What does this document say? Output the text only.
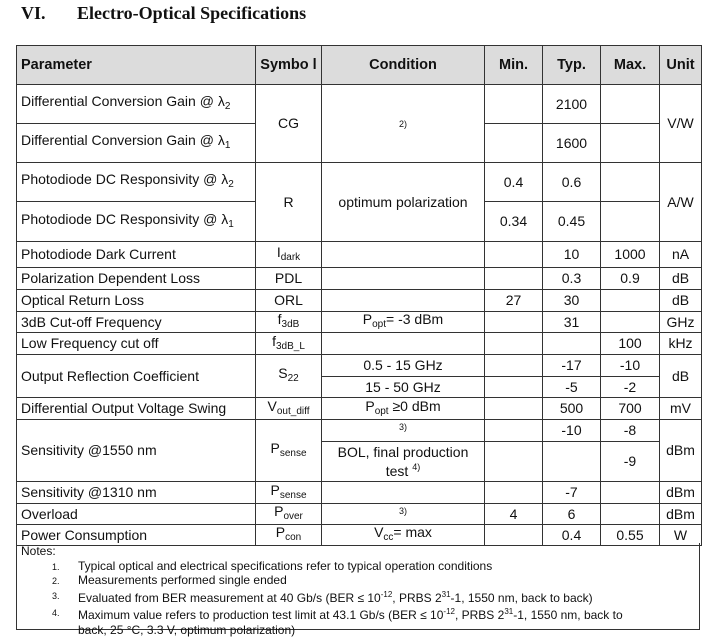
VI. Electro-Optical Specifications
Parameter	Symbo l	Condition	Min.	Typ.	Max.	Unit
Differential Conversion Gain @ $\lambda_2$	CG	2)		2100		V/W
Differential Conversion Gain @ $\lambda_1$				1600		
Photodiode DC Responsivity @ $\lambda_2$	R	optimum polarization	0.4	0.6		A/W
Photodiode DC Responsivity @ $\lambda_1$			0.34	0.45		
Photodiode Dark Current	$I_{dark}$			10	1000	nA
Polarization Dependent Loss	PDL			0.3	0.9	dB
Optical Return Loss	ORL		27	30		dB
3dB Cut-off Frequency	$f_{3dB}$	$P_{opt}= -3$ dBm		31		GHz
Low Frequency cut off	$f_{3dB\_L}$				100	kHz
Output Reflection Coefficient	$S_{22}$	0.5 - 15 GHz		-17	-10	dB
		15 - 50 GHz		-5	-2	
Differential Output Voltage Swing	$V_{out\_diff}$	$P_{opt} \ge 0$ dBm		500	700	mV
Sensitivity @1550 nm	$P_{sense}$	3)		-10	-8	dBm
		BOL, final production test $^{4)}$			-9	
Sensitivity @1310 nm	$P_{sense}$			-7		dBm
Overload	$P_{over}$	3)	4	6		dBm
Power Consumption	$P_{con}$	$V_{cc}= \max$		0.4	0.55	W
Notes:
1. Typical optical and electrical specifications refer to typical operation conditions
2. Measurements performed single ended
3. Evaluated from BER measurement at 40 Gb/s ($BER \le 10^{-12}$, PRBS $2^{31}-1$, 1550 nm, back to back)
4. Maximum value refers to production test limit at 43.1 Gb/s ($BER \le 10^{-12}$, PRBS $2^{31}-1$, 1550 nm, back to back, 25 °C, 3.3 V, optimum polarization)
